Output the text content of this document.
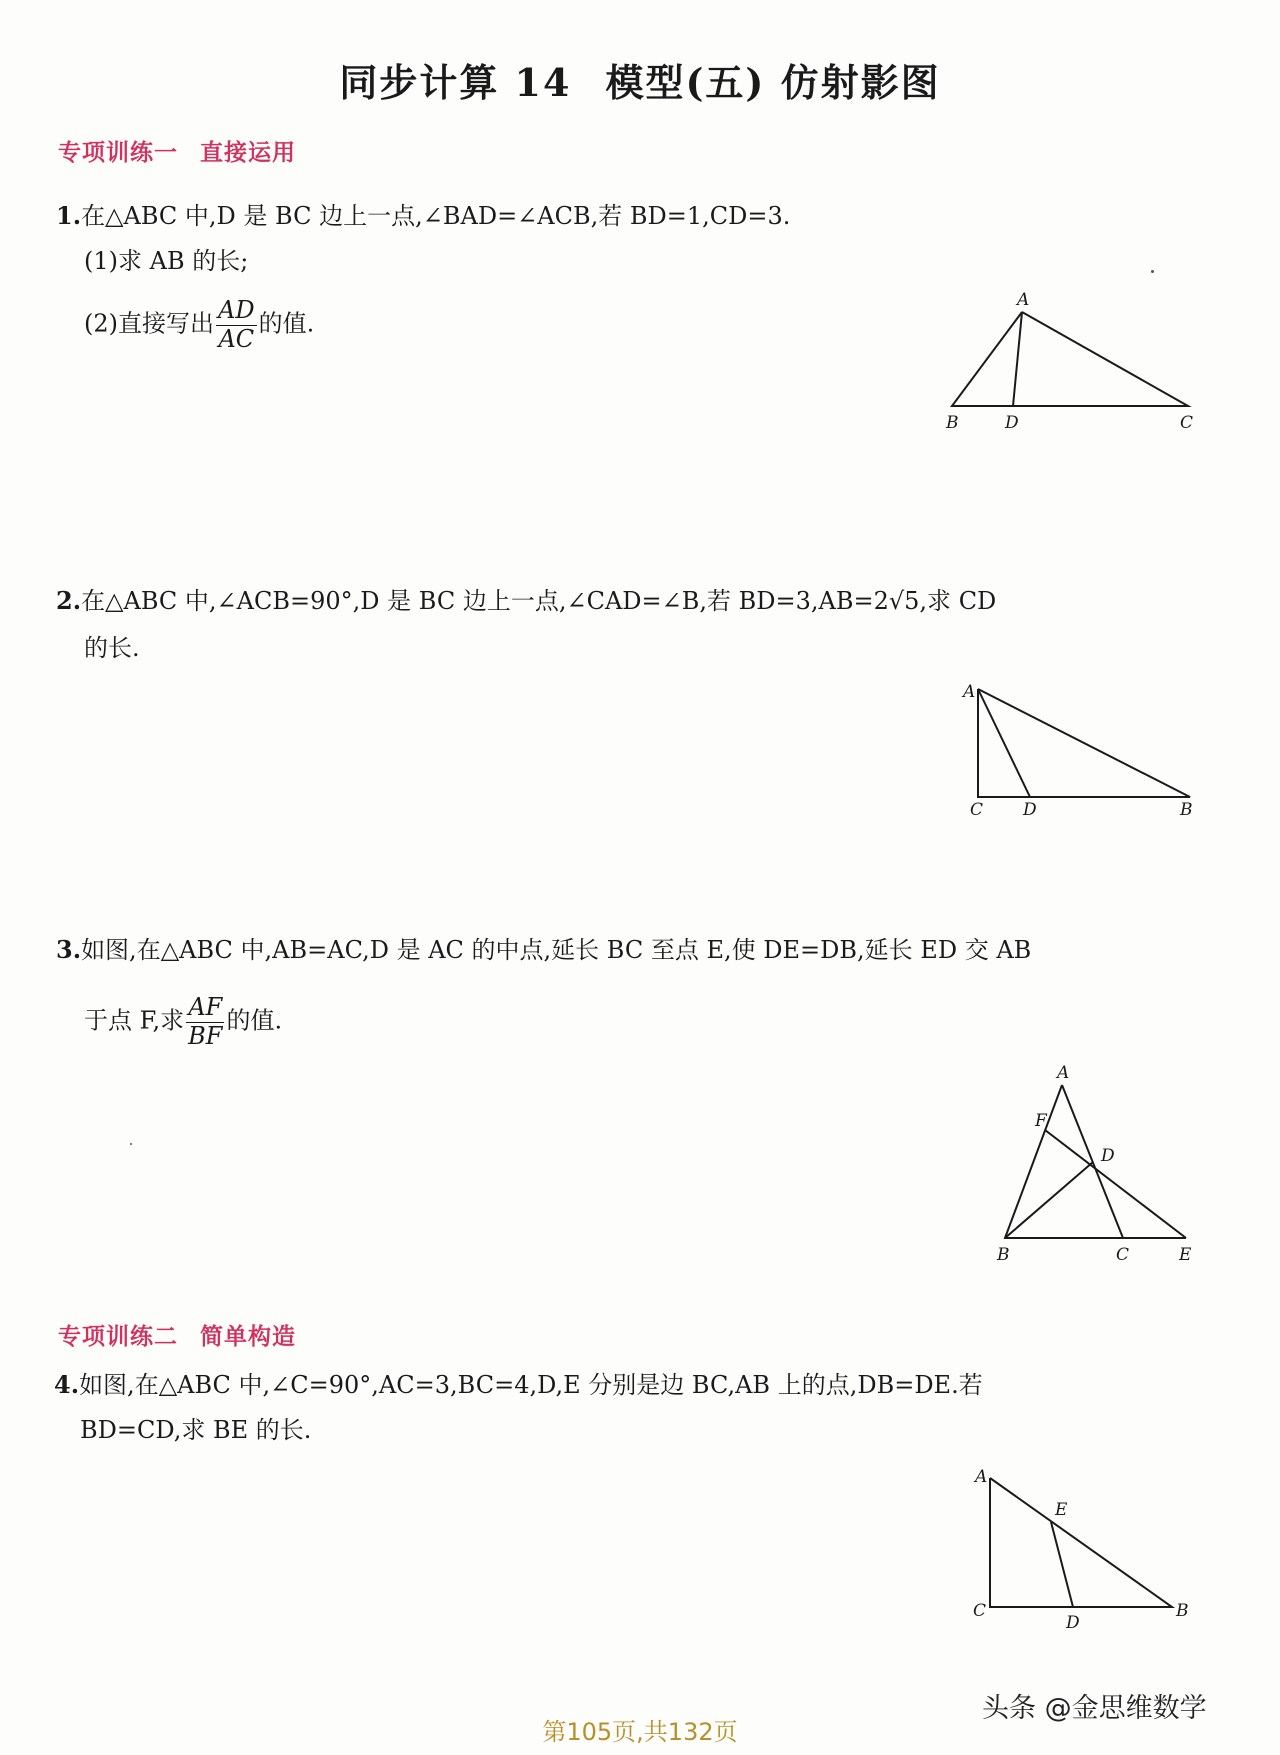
同步计算 14 模型(五) 仿射影图
专项训练一 直接运用
1.在△ABC 中,D 是 BC 边上一点,∠BAD=∠ACB,若 BD=1,CD=3.
(1)求 AB 的长;
(2)直接写出 $\frac{AD}{AC}$ 的值.
A
B	D	C
2.在△ABC 中,∠ACB=90°,D 是 BC 边上一点,∠CAD=∠B,若 BD=3,AB=2√5,求 CD
的长.
A
C D	B
3.如图,在△ABC 中,AB=AC,D 是 AC 的中点,延长 BC 至点 E,使 DE=DB,延长 ED 交 AB
于点 F,求 $\frac{AF}{BF}$ 的值.
A
F
D
B	C	E
专项训练二 简单构造
4.如图,在△ABC 中,∠C=90°,AC=3,BC=4,D,E 分别是边 BC,AB 上的点,DB=DE.若
BD=CD,求 BE 的长.
A
E
C	B
D
第105页,共132页
头条 @金思维数学
